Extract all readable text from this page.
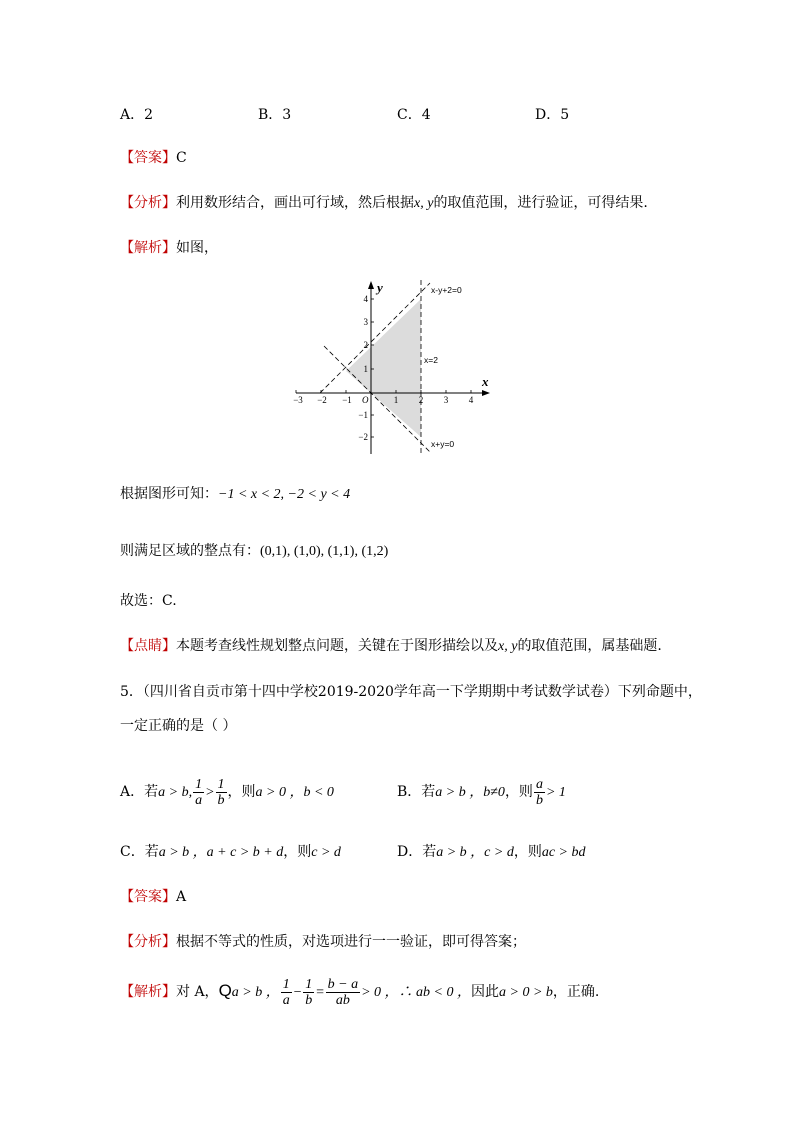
A．2	B．3	C．4	D．5
【答案】C
【分析】利用数形结合，画出可行域，然后根据x, y的取值范围，进行验证，可得结果.
【解析】如图，
−3 −2 −1	1 2 3 4
4
3
2
1
−1
−2
O
x
y	x-y+2=0
x=2
x+y=0
根据图形可知：−1 < x < 2, −2 < y < 4
则满足区域的整点有：(0,1), (1,0), (1,1), (1,2)
故选：C.
【点睛】本题考查线性规划整点问题，关键在于图形描绘以及x, y的取值范围，属基础题.
5．（四川省自贡市第十四中学校2019-2020学年高一下学期期中考试数学试卷）下列命题中，
一定正确的是（ ）
A．若a > b, $\frac{1}{a} > \frac{1}{b}$ ，则a > 0 ，b < 0	B．若a > b ，b≠0，则 $\frac{a}{b} > 1$
C．若a > b ，a + c > b + d，则c > d	D．若a > b ，c > d，则ac > bd
【答案】A
【分析】根据不等式的性质，对选项进行一一验证，即可得答案；
【解析】对 A，Qa > b ， $\frac{1}{a} - \frac{1}{b} = \frac{b - a}{ab} > 0$ ，∴ ab < 0 ，因此a > 0 > b，正确.
